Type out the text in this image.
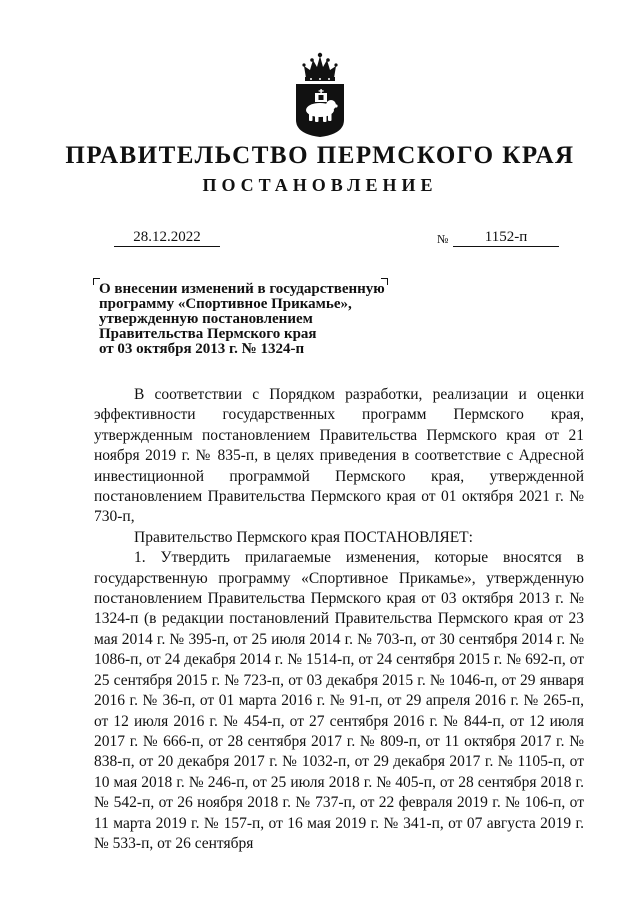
ПРАВИТЕЛЬСТВО ПЕРМСКОГО КРАЯ
ПОСТАНОВЛЕНИЕ
28.12.2022	№	1152-п
О внесении изменений в государственную
программу «Спортивное Прикамье»,
утвержденную постановлением
Правительства Пермского края
от 03 октября 2013 г. № 1324-п

В соответствии с Порядком разработки, реализации и оценки эффективности государственных программ Пермского края, утвержденным постановлением Правительства Пермского края от 21 ноября 2019 г. № 835-п, в целях приведения в соответствие с Адресной инвестиционной программой Пермского края, утвержденной постановлением Правительства Пермского края от 01 октября 2021 г. № 730-п,

Правительство Пермского края ПОСТАНОВЛЯЕТ:

1. Утвердить прилагаемые изменения, которые вносятся в государственную программу «Спортивное Прикамье», утвержденную постановлением Правительства Пермского края от 03 октября 2013 г. № 1324-п (в редакции постановлений Правительства Пермского края от 23 мая 2014 г. № 395-п, от 25 июля 2014 г. № 703-п, от 30 сентября 2014 г. № 1086-п, от 24 декабря 2014 г. № 1514-п, от 24 сентября 2015 г. № 692-п, от 25 сентября 2015 г. № 723-п, от 03 декабря 2015 г. № 1046-п, от 29 января 2016 г. № 36-п, от 01 марта 2016 г. № 91-п, от 29 апреля 2016 г. № 265-п, от 12 июля 2016 г. № 454-п, от 27 сентября 2016 г. № 844-п, от 12 июля 2017 г. № 666-п, от 28 сентября 2017 г. № 809-п, от 11 октября 2017 г. № 838-п, от 20 декабря 2017 г. № 1032-п, от 29 декабря 2017 г. № 1105-п, от 10 мая 2018 г. № 246-п, от 25 июля 2018 г. № 405-п, от 28 сентября 2018 г. № 542-п, от 26 ноября 2018 г. № 737-п, от 22 февраля 2019 г. № 106-п, от 11 марта 2019 г. № 157-п, от 16 мая 2019 г. № 341-п, от 07 августа 2019 г. № 533-п, от 26 сентября
